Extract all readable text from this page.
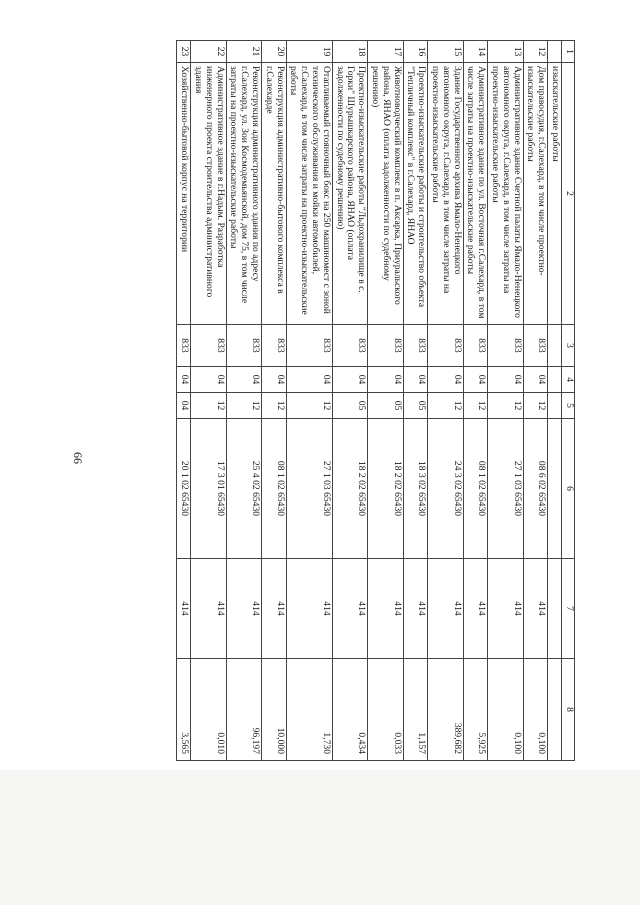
66
1	2	3	4	5	6	7	8
	изыскательские работы						
12	Дом правосудия, г.Салехард, в том числе проектно-изыскательские работы	833	04	12	08 6 02 65430	414	0,100
13	Административное здание Счетной палаты Ямало-Ненецкого автономного округа, г.Салехард, в том числе затраты на проектно-изыскательские работы	833	04	12	27 1 03 65430	414	0,100
14	Административное здание по ул. Восточная г.Салехард, в том числе затраты на проектно-изыскательские работы	833	04	12	08 1 02 65430	414	5,925
15	Здание Государственного архива Ямало-Ненецкого автономного округа, г.Салехард, в том числе затраты на проектно-изыскательские работы	833	04	12	24 3 02 65430	414	389,682
16	Проектно-изыскательские работы и строительство объекта "Тепличный комплекс" в г.Салехард, ЯНАО	833	04	05	18 3 02 65430	414	1,157
17	Животноводческий комплекс в п. Аксарка, Приуральского района, ЯНАО (оплата задолженности по судебному решению)	833	04	05	18 2 02 65430	414	0,033
18	Проектно-изыскательские работы "Льдохранилище в с. Горки" Шурышкарского района, ЯНАО (оплата задолженности по судебному решению)	833	04	05	18 2 02 65430	414	0,434
19	Отапливаемый стояночный бокс на 250 машиномест с зоной технического обслуживания и мойки автомобилей, г.Салехард, в том числе затраты на проектно-изыскательские работы	833	04	12	27 1 03 65430	414	1,730
20	Реконструкция административно-бытового комплекса в г.Салехарде	833	04	12	08 1 02 65430	414	10,000
21	Реконструкция административного здания по адресу г.Салехард, ул. Зои Космодемьянской, дом 75, в том числе затраты на проектно-изыскательские работы	833	04	12	25 4 02 65430	414	96,197
22	Административное здание в г.Надым. Разработка инженерного проекта строительства административного здания	833	04	12	17 3 01 65430	414	0,010
23	Хозяйственно-бытовой корпус на территории	833	04	04	20 1 02 65430	414	3,565
